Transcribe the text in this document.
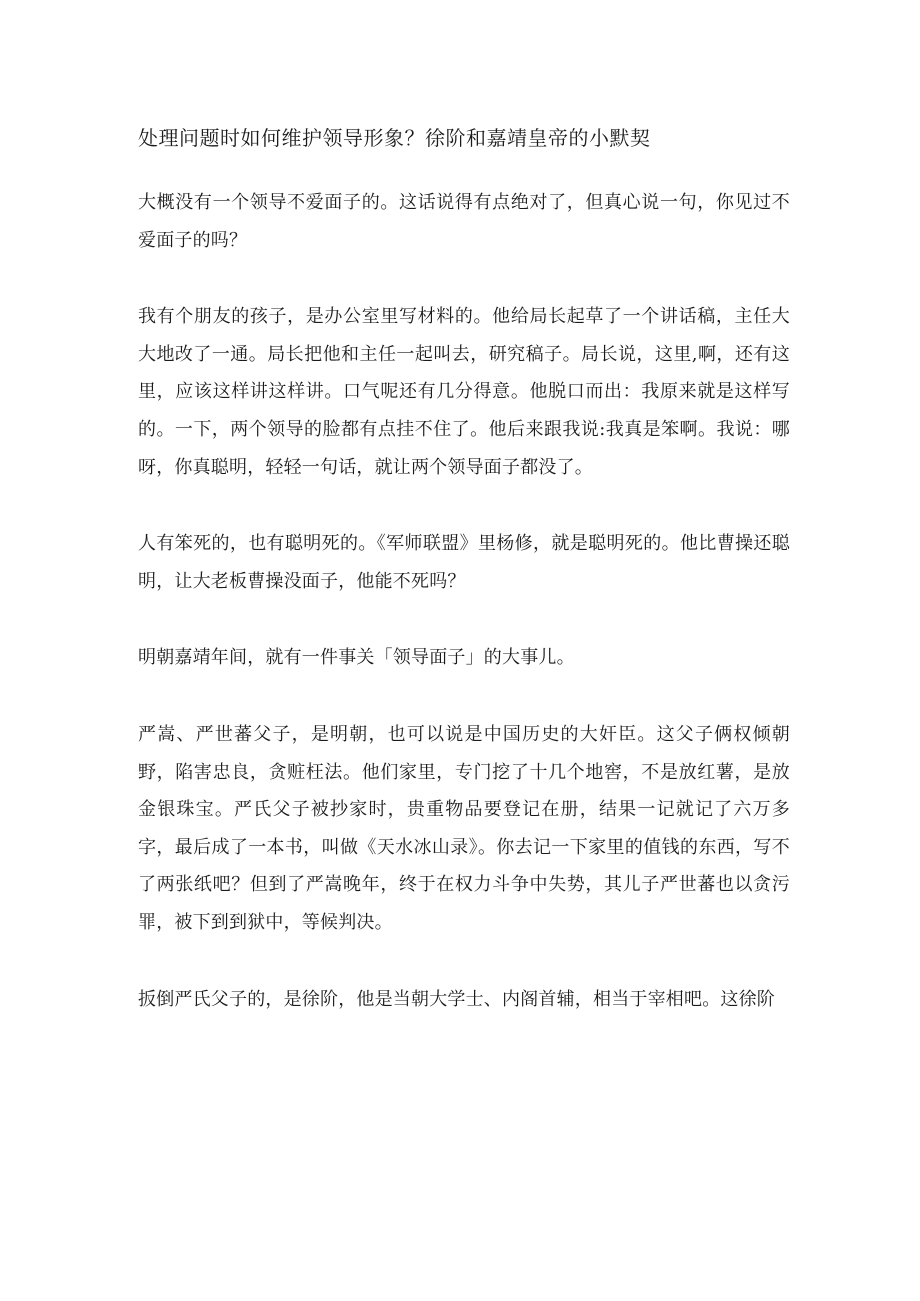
处理问题时如何维护领导形象？徐阶和嘉靖皇帝的小默契

大概没有一个领导不爱面子的。这话说得有点绝对了，但真心说一句，你见过不爱面子的吗？

我有个朋友的孩子，是办公室里写材料的。他给局长起草了一个讲话稿，主任大大地改了一通。局长把他和主任一起叫去，研究稿子。局长说，这里,啊，还有这里，应该这样讲这样讲。口气呢还有几分得意。他脱口而出：我原来就是这样写的。一下，两个领导的脸都有点挂不住了。他后来跟我说:我真是笨啊。我说：哪呀，你真聪明，轻轻一句话，就让两个领导面子都没了。

人有笨死的，也有聪明死的。《军师联盟》里杨修，就是聪明死的。他比曹操还聪明，让大老板曹操没面子，他能不死吗？

明朝嘉靖年间，就有一件事关「领导面子」的大事儿。

严嵩、严世蕃父子，是明朝，也可以说是中国历史的大奸臣。这父子俩权倾朝野，陷害忠良，贪赃枉法。他们家里，专门挖了十几个地窖，不是放红薯，是放金银珠宝。严氏父子被抄家时，贵重物品要登记在册，结果一记就记了六万多字，最后成了一本书，叫做《天水冰山录》。你去记一下家里的值钱的东西，写不了两张纸吧？但到了严嵩晚年，终于在权力斗争中失势，其儿子严世蕃也以贪污罪，被下到到狱中，等候判决。

扳倒严氏父子的，是徐阶，他是当朝大学士、内阁首辅，相当于宰相吧。这徐阶
